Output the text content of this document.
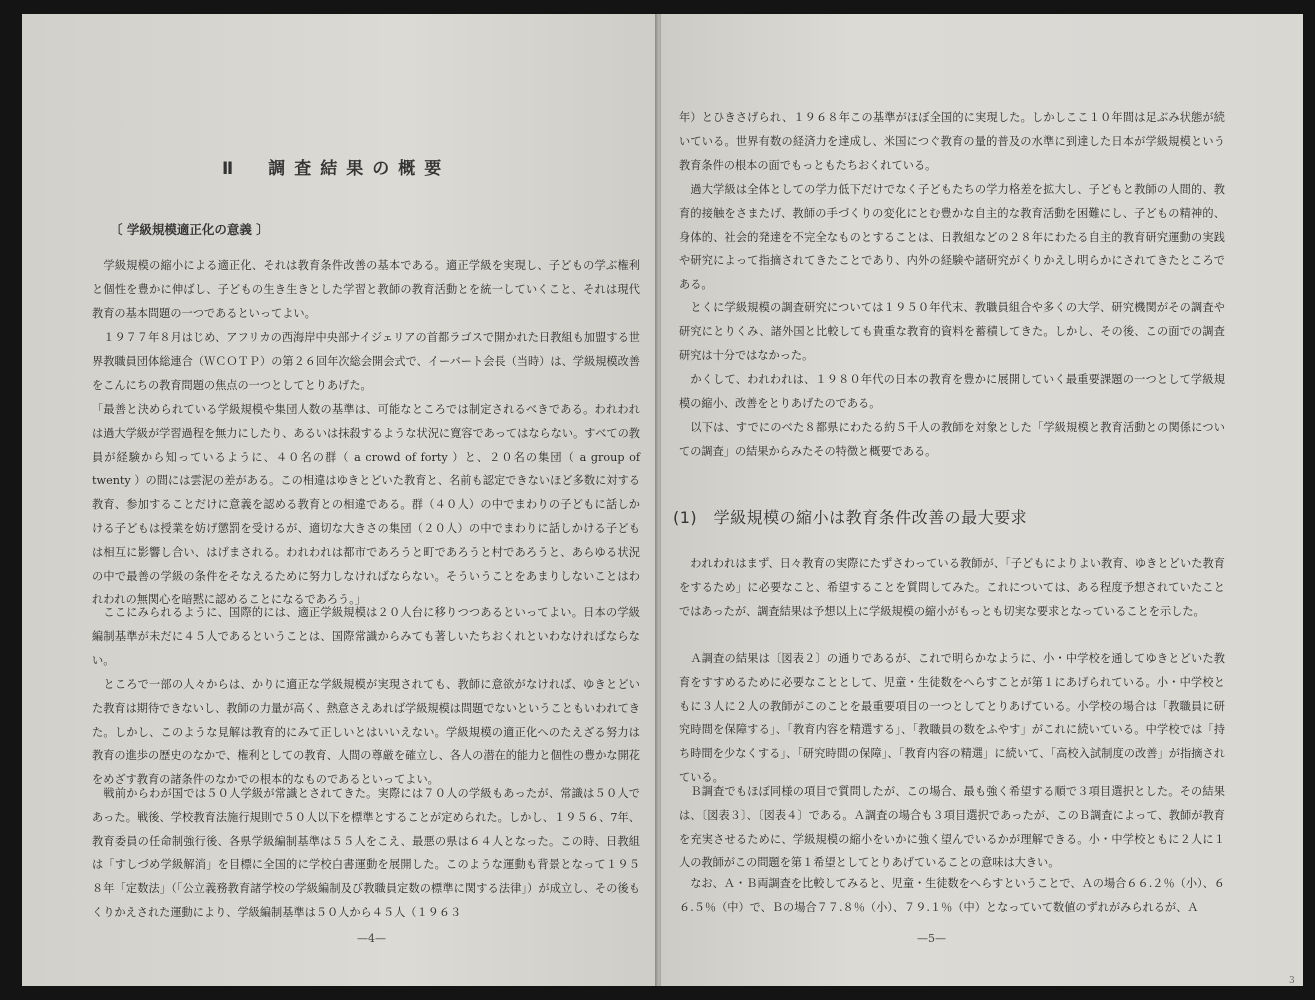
Ⅱ　調査結果の概要
〔 学級規模適正化の意義 〕

　学級規模の縮小による適正化、それは教育条件改善の基本である。適正学級を実現し、子どもの学ぶ権利と個性を豊かに伸ばし、子どもの生き生きとした学習と教師の教育活動とを統一していくこと、それは現代教育の基本問題の一つであるといってよい。

　１９７７年８月はじめ、アフリカの西海岸中央部ナイジェリアの首都ラゴスで開かれた日教組も加盟する世界教職員団体総連合（ＷＣＯＴＰ）の第２６回年次総会開会式で、イーバート会長（当時）は、学級規模改善をこんにちの教育問題の焦点の一つとしてとりあげた。

「最善と決められている学級規模や集団人数の基準は、可能なところでは制定されるべきである。われわれは過大学級が学習過程を無力にしたり、あるいは抹殺するような状況に寛容であってはならない。すべての教員が経験から知っているように、４０名の群（ a crowd of forty ）と、２０名の集団（ a group of twenty ）の間には雲泥の差がある。この相違はゆきとどいた教育と、名前も認定できないほど多数に対する教育、参加することだけに意義を認める教育との相違である。群（４０人）の中でまわりの子どもに話しかける子どもは授業を妨げ懲罰を受けるが、適切な大きさの集団（２０人）の中でまわりに話しかける子どもは相互に影響し合い、はげまされる。われわれは都市であろうと町であろうと村であろうと、あらゆる状況の中で最善の学級の条件をそなえるために努力しなければならない。そういうことをあまりしないことはわれわれの無関心を暗黙に認めることになるであろう。」

　ここにみられるように、国際的には、適正学級規模は２０人台に移りつつあるといってよい。日本の学級編制基準が未だに４５人であるということは、国際常識からみても著しいたちおくれといわなければならない。

　ところで一部の人々からは、かりに適正な学級規模が実現されても、教師に意欲がなければ、ゆきとどいた教育は期待できないし、教師の力量が高く、熱意さえあれば学級規模は問題でないということもいわれてきた。しかし、このような見解は教育的にみて正しいとはいいえない。学級規模の適正化へのたえざる努力は教育の進歩の歴史のなかで、権利としての教育、人間の尊厳を確立し、各人の潜在的能力と個性の豊かな開花をめざす教育の諸条件のなかでの根本的なものであるといってよい。

　戦前からわが国では５０人学級が常識とされてきた。実際には７０人の学級もあったが、常識は５０人であった。戦後、学校教育法施行規則で５０人以下を標準とすることが定められた。しかし、１９５６、7年、教育委員の任命制強行後、各県学級編制基準は５５人をこえ、最悪の県は６４人となった。この時、日教組は「すしづめ学級解消」を目標に全国的に学校白書運動を展開した。このような運動も背景となって１９５８年「定数法」（「公立義務教育諸学校の学級編制及び教職員定数の標準に関する法律」）が成立し、その後もくりかえされた運動により、学級編制基準は５０人から４５人（１９６３

—4—

年）とひきさげられ、１９６８年この基準がほぼ全国的に実現した。しかしここ１０年間は足ぶみ状態が続いている。世界有数の経済力を達成し、米国につぐ教育の量的普及の水準に到達した日本が学級規模という教育条件の根本の面でもっともたちおくれている。

　過大学級は全体としての学力低下だけでなく子どもたちの学力格差を拡大し、子どもと教師の人間的、教育的接触をさまたげ、教師の手づくりの変化にとむ豊かな自主的な教育活動を困難にし、子どもの精神的、身体的、社会的発達を不完全なものとすることは、日教組などの２８年にわたる自主的教育研究運動の実践や研究によって指摘されてきたことであり、内外の経験や諸研究がくりかえし明らかにされてきたところである。

　とくに学級規模の調査研究については１９５０年代末、教職員組合や多くの大学、研究機関がその調査や研究にとりくみ、諸外国と比較しても貴重な教育的資料を蓄積してきた。しかし、その後、この面での調査研究は十分ではなかった。

　かくして、われわれは、１９８０年代の日本の教育を豊かに展開していく最重要課題の一つとして学級規模の縮小、改善をとりあげたのである。

　以下は、すでにのべた８都県にわたる約５千人の教師を対象とした「学級規模と教育活動との関係についての調査」の結果からみたその特徴と概要である。

(1)　学級規模の縮小は教育条件改善の最大要求

　われわれはまず、日々教育の実際にたずさわっている教師が、「子どもによりよい教育、ゆきとどいた教育をするため」に必要なこと、希望することを質問してみた。これについては、ある程度予想されていたことではあったが、調査結果は予想以上に学級規模の縮小がもっとも切実な要求となっていることを示した。

　Ａ調査の結果は〔図表２〕の通りであるが、これで明らかなように、小・中学校を通してゆきとどいた教育をすすめるために必要なこととして、児童・生徒数をへらすことが第１にあげられている。小・中学校ともに３人に２人の教師がこのことを最重要項目の一つとしてとりあげている。小学校の場合は「教職員に研究時間を保障する」、「教育内容を精選する」、「教職員の数をふやす」がこれに続いている。中学校では「持ち時間を少なくする」、「研究時間の保障」、「教育内容の精選」に続いて、「高校入試制度の改善」が指摘されている。

　Ｂ調査でもほぼ同様の項目で質問したが、この場合、最も強く希望する順で３項目選択とした。その結果は、〔図表３〕、〔図表４〕である。Ａ調査の場合も３項目選択であったが、このＢ調査によって、教師が教育を充実させるために、学級規模の縮小をいかに強く望んでいるかが理解できる。小・中学校ともに２人に１人の教師がこの問題を第１希望としてとりあげていることの意味は大きい。

　なお、Ａ・Ｂ両調査を比較してみると、児童・生徒数をへらすということで、Ａの場合６６.２％（小）、６６.５％（中）で、Ｂの場合７７.８％（小）、７９.１％（中）となっていて数値のずれがみられるが、Ａ

—5—
3
